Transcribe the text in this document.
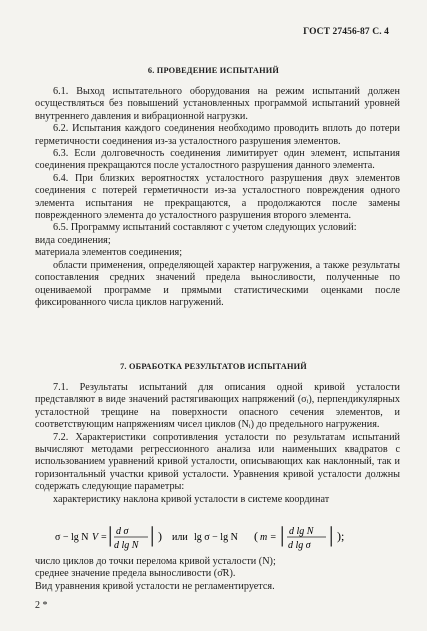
ГОСТ 27456-87 С. 4
6. ПРОВЕДЕНИЕ ИСПЫТАНИЙ

6.1. Выход испытательного оборудования на режим испытаний должен осуществляться без повышений установленных программой испытаний уровней внутреннего давления и вибрационной нагрузки.

6.2. Испытания каждого соединения необходимо проводить вплоть до потери герметичности соединения из-за усталостного разрушения элементов.

6.3. Если долговечность соединения лимитирует один элемент, испытания соединения прекращаются после усталостного разрушения данного элемента.

6.4. При близких вероятностях усталостного разрушения двух элементов соединения с потерей герметичности из-за усталостного повреждения одного элемента испытания не прекращаются, а продолжаются после замены поврежденного элемента до усталостного разрушения второго элемента.

6.5. Программу испытаний составляют с учетом следующих условий:

вида соединения;

материала элементов соединения;

области применения, определяющей характер нагружения, а также результаты сопоставления средних значений предела выносливости, полученные по оцениваемой программе и прямыми статистическими оценками после фиксированного числа циклов нагружений.

7. ОБРАБОТКА РЕЗУЛЬТАТОВ ИСПЫТАНИЙ

7.1. Результаты испытаний для описания одной кривой усталости представляют в виде значений растягивающих напряжений (σᵢ), перпендикулярных усталостной трещине на поверхности опасного сечения элементов, и соответствующим напряжениям чисел циклов (Nᵢ) до предельного нагружения.

7.2. Характеристики сопротивления усталости по результатам испытаний вычисляют методами регрессионного анализа или наименьших квадратов с использованием уравнений кривой усталости, описывающих как наклонный, так и горизонтальный участки кривой усталости. Уравнения кривой усталости должны содержать следующие параметры:

характеристику наклона кривой усталости в системе координат

σ − lg N V = | d σ
d lg N | ) или lg σ − lg N ( m = | d lg N
d lg σ | );

число циклов до точки перелома кривой усталости (N);

среднее значение предела выносливости (σ̄R).

Вид уравнения кривой усталости не регламентируется.

2 *
